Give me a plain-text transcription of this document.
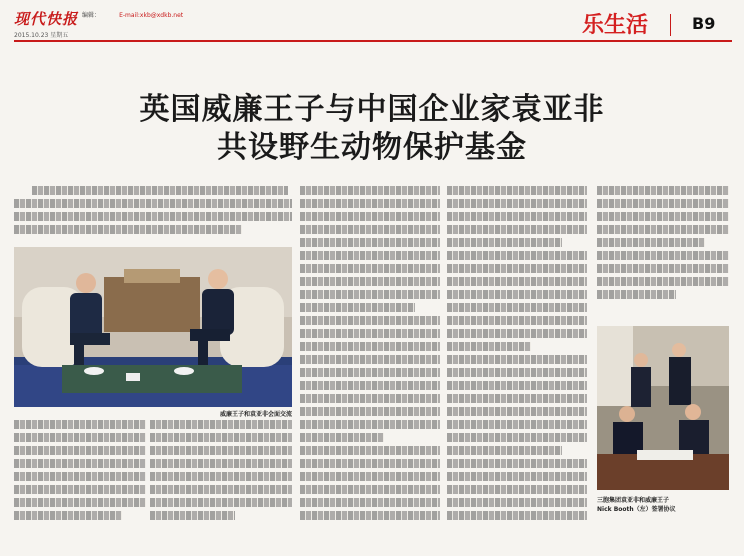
现代快报 编辑：	E-mail:xkb@xdkb.net
2015.10.23 星期五	乐生活	B9
英国威廉王子与中国企业家袁亚非
共设野生动物保护基金
威廉王子和袁亚非会面交流
三胞集团袁亚非和威廉王子
Nick Booth（左）签署协议
